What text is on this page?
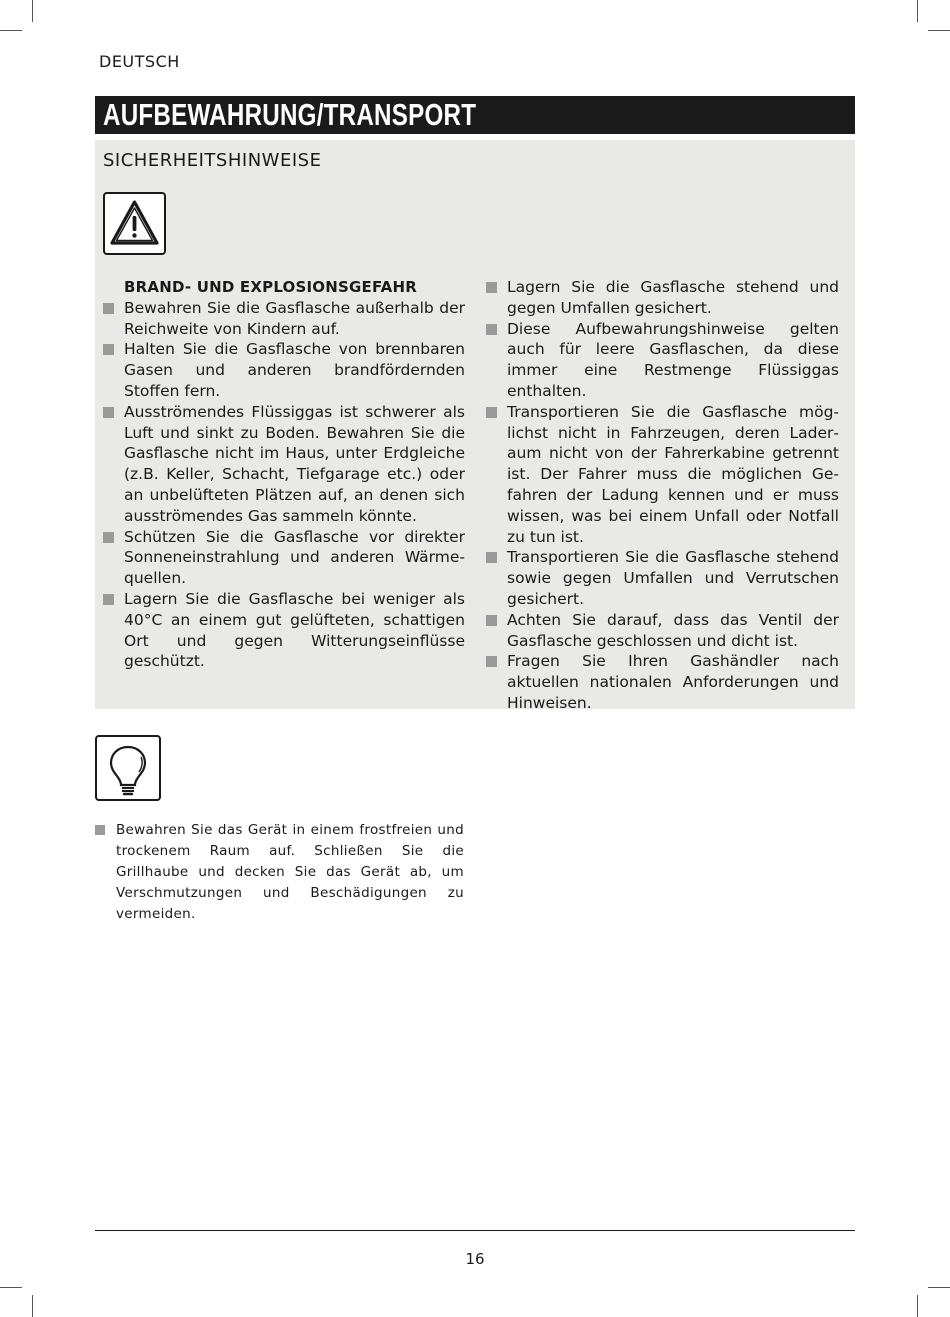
DEUTSCH
AUFBEWAHRUNG/TRANSPORT
SICHERHEITSHINWEISE
BRAND- UND EXPLOSIONSGEFAHR
Bewahren Sie die Gasflasche außerhalb der Reichweite von Kindern auf.
Halten Sie die Gasflasche von brennbaren Gasen und anderen brandfördernden Stoffen fern.
Ausströmendes Flüssiggas ist schwerer als Luft und sinkt zu Boden. Bewahren Sie die Gasflasche nicht im Haus, unter Erdgleiche (z.B. Keller, Schacht, Tiefgarage etc.) oder an unbelüfteten Plätzen auf, an denen sich ausströmendes Gas sammeln könnte.
Schützen Sie die Gasflasche vor direkter Sonneneinstrahlung und anderen Wärmequellen.
Lagern Sie die Gasflasche bei weniger als 40°C an einem gut gelüfteten, schattigen Ort und gegen Witterungseinflüsse geschützt.
Lagern Sie die Gasflasche stehend und gegen Umfallen gesichert.
Diese Aufbewahrungshinweise gelten auch für leere Gasflaschen, da diese immer eine Restmenge Flüssiggas enthalten.
Transportieren Sie die Gasflasche möglichst nicht in Fahrzeugen, deren Laderaum nicht von der Fahrerkabine getrennt ist. Der Fahrer muss die möglichen Gefahren der Ladung kennen und er muss wissen, was bei einem Unfall oder Notfall zu tun ist.
Transportieren Sie die Gasflasche stehend sowie gegen Umfallen und Verrutschen gesichert.
Achten Sie darauf, dass das Ventil der Gasflasche geschlossen und dicht ist.
Fragen Sie Ihren Gashändler nach aktuellen nationalen Anforderungen und Hinweisen.
Bewahren Sie das Gerät in einem frostfreien und trockenem Raum auf. Schließen Sie die Grillhaube und decken Sie das Gerät ab, um Verschmutzungen und Beschädigungen zu vermeiden.
16
